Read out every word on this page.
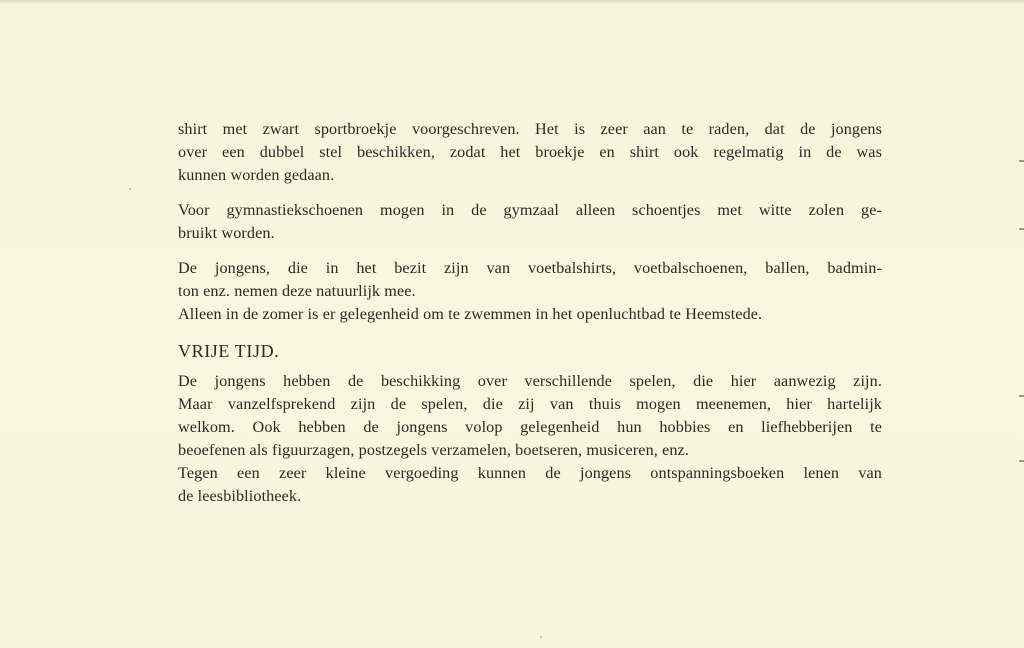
shirt met zwart sportbroekje voorgeschreven. Het is zeer aan te raden, dat de jongens
over een dubbel stel beschikken, zodat het broekje en shirt ook regelmatig in de was
kunnen worden gedaan.

Voor gymnastiekschoenen mogen in de gymzaal alleen schoentjes met witte zolen ge-
bruikt worden.

De jongens, die in het bezit zijn van voetbalshirts, voetbalschoenen, ballen, badmin-
ton enz. nemen deze natuurlijk mee.
Alleen in de zomer is er gelegenheid om te zwemmen in het openluchtbad te Heemstede.

VRIJE TIJD.

De jongens hebben de beschikking over verschillende spelen, die hier aanwezig zijn.
Maar vanzelfsprekend zijn de spelen, die zij van thuis mogen meenemen, hier hartelijk
welkom. Ook hebben de jongens volop gelegenheid hun hobbies en liefhebberijen te
beoefenen als figuurzagen, postzegels verzamelen, boetseren, musiceren, enz.
Tegen een zeer kleine vergoeding kunnen de jongens ontspanningsboeken lenen van
de leesbibliotheek.
